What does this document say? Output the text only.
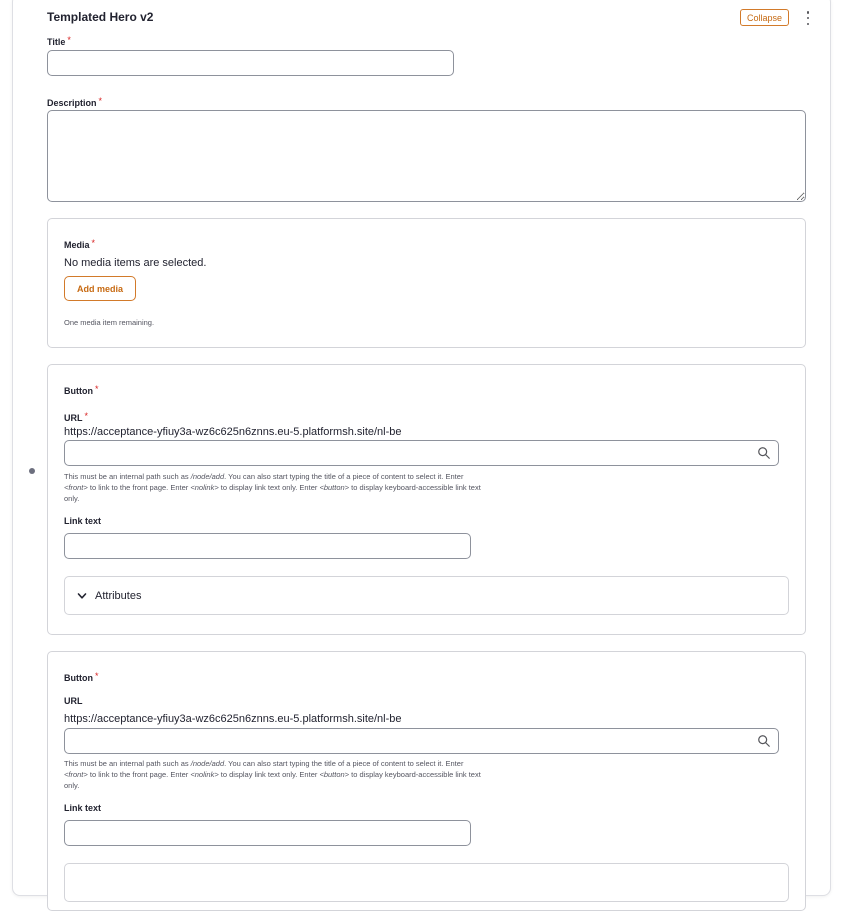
Templated Hero v2	Collapse
Title *
Description *
Media *
No media items are selected.
Add media
One media item remaining.
Button *
URL *
https://acceptance-yfiuy3a-wz6c625n6znns.eu-5.platformsh.site/nl-be
This must be an internal path such as /node/add. You can also start typing the title of a piece of content to select it. Enter <front> to link to the front page. Enter <nolink> to display link text only. Enter <button> to display keyboard-accessible link text only.
Link text
Attributes
Button *
URL
https://acceptance-yfiuy3a-wz6c625n6znns.eu-5.platformsh.site/nl-be
This must be an internal path such as /node/add. You can also start typing the title of a piece of content to select it. Enter <front> to link to the front page. Enter <nolink> to display link text only. Enter <button> to display keyboard-accessible link text only.
Link text
